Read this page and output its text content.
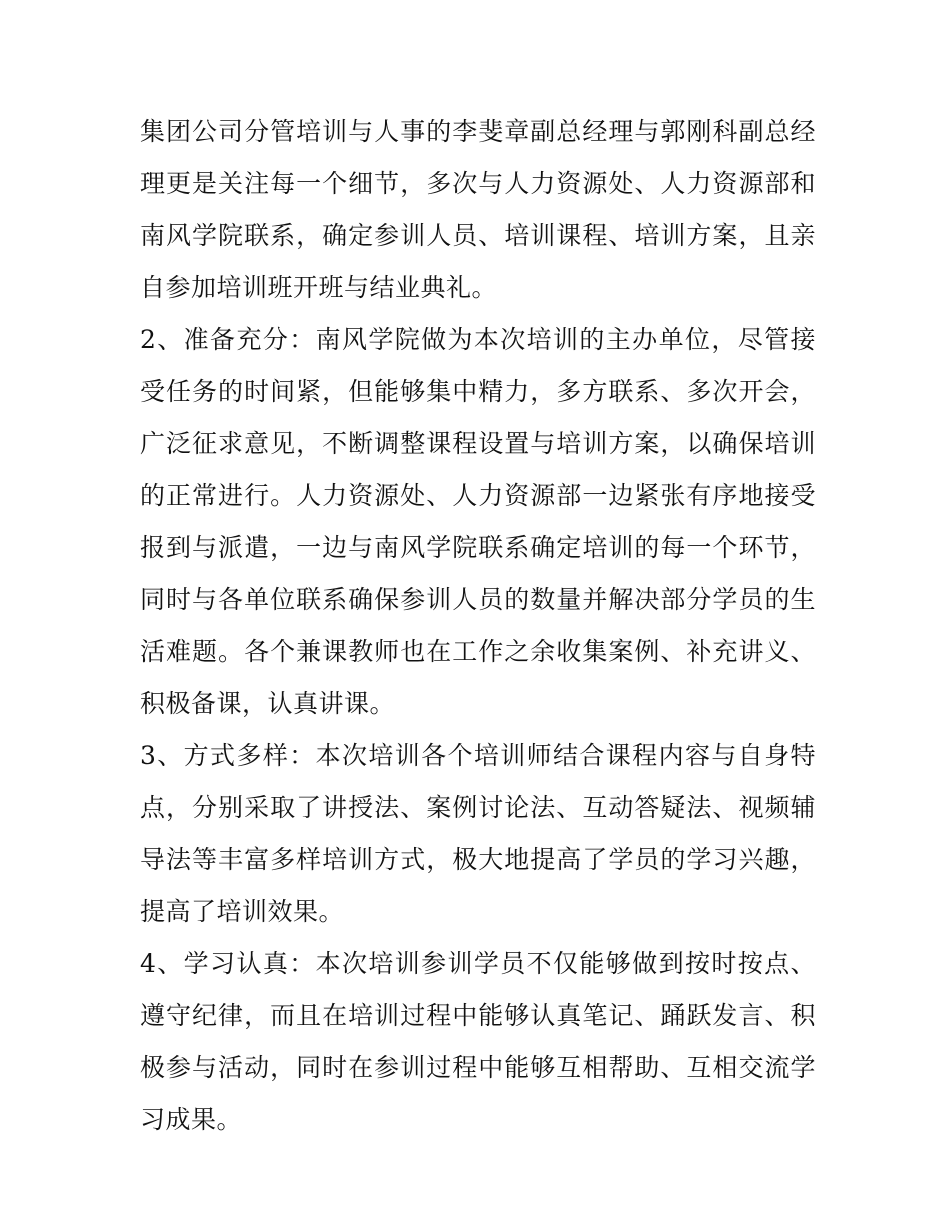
集团公司分管培训与人事的李斐章副总经理与郭刚科副总经理更是关注每一个细节，多次与人力资源处、人力资源部和南风学院联系，确定参训人员、培训课程、培训方案，且亲自参加培训班开班与结业典礼。

2、准备充分：南风学院做为本次培训的主办单位，尽管接受任务的时间紧，但能够集中精力，多方联系、多次开会，广泛征求意见，不断调整课程设置与培训方案，以确保培训的正常进行。人力资源处、人力资源部一边紧张有序地接受报到与派遣，一边与南风学院联系确定培训的每一个环节，同时与各单位联系确保参训人员的数量并解决部分学员的生活难题。各个兼课教师也在工作之余收集案例、补充讲义、积极备课，认真讲课。

3、方式多样：本次培训各个培训师结合课程内容与自身特点，分别采取了讲授法、案例讨论法、互动答疑法、视频辅导法等丰富多样培训方式，极大地提高了学员的学习兴趣，提高了培训效果。

4、学习认真：本次培训参训学员不仅能够做到按时按点、遵守纪律，而且在培训过程中能够认真笔记、踊跃发言、积极参与活动，同时在参训过程中能够互相帮助、互相交流学习成果。
